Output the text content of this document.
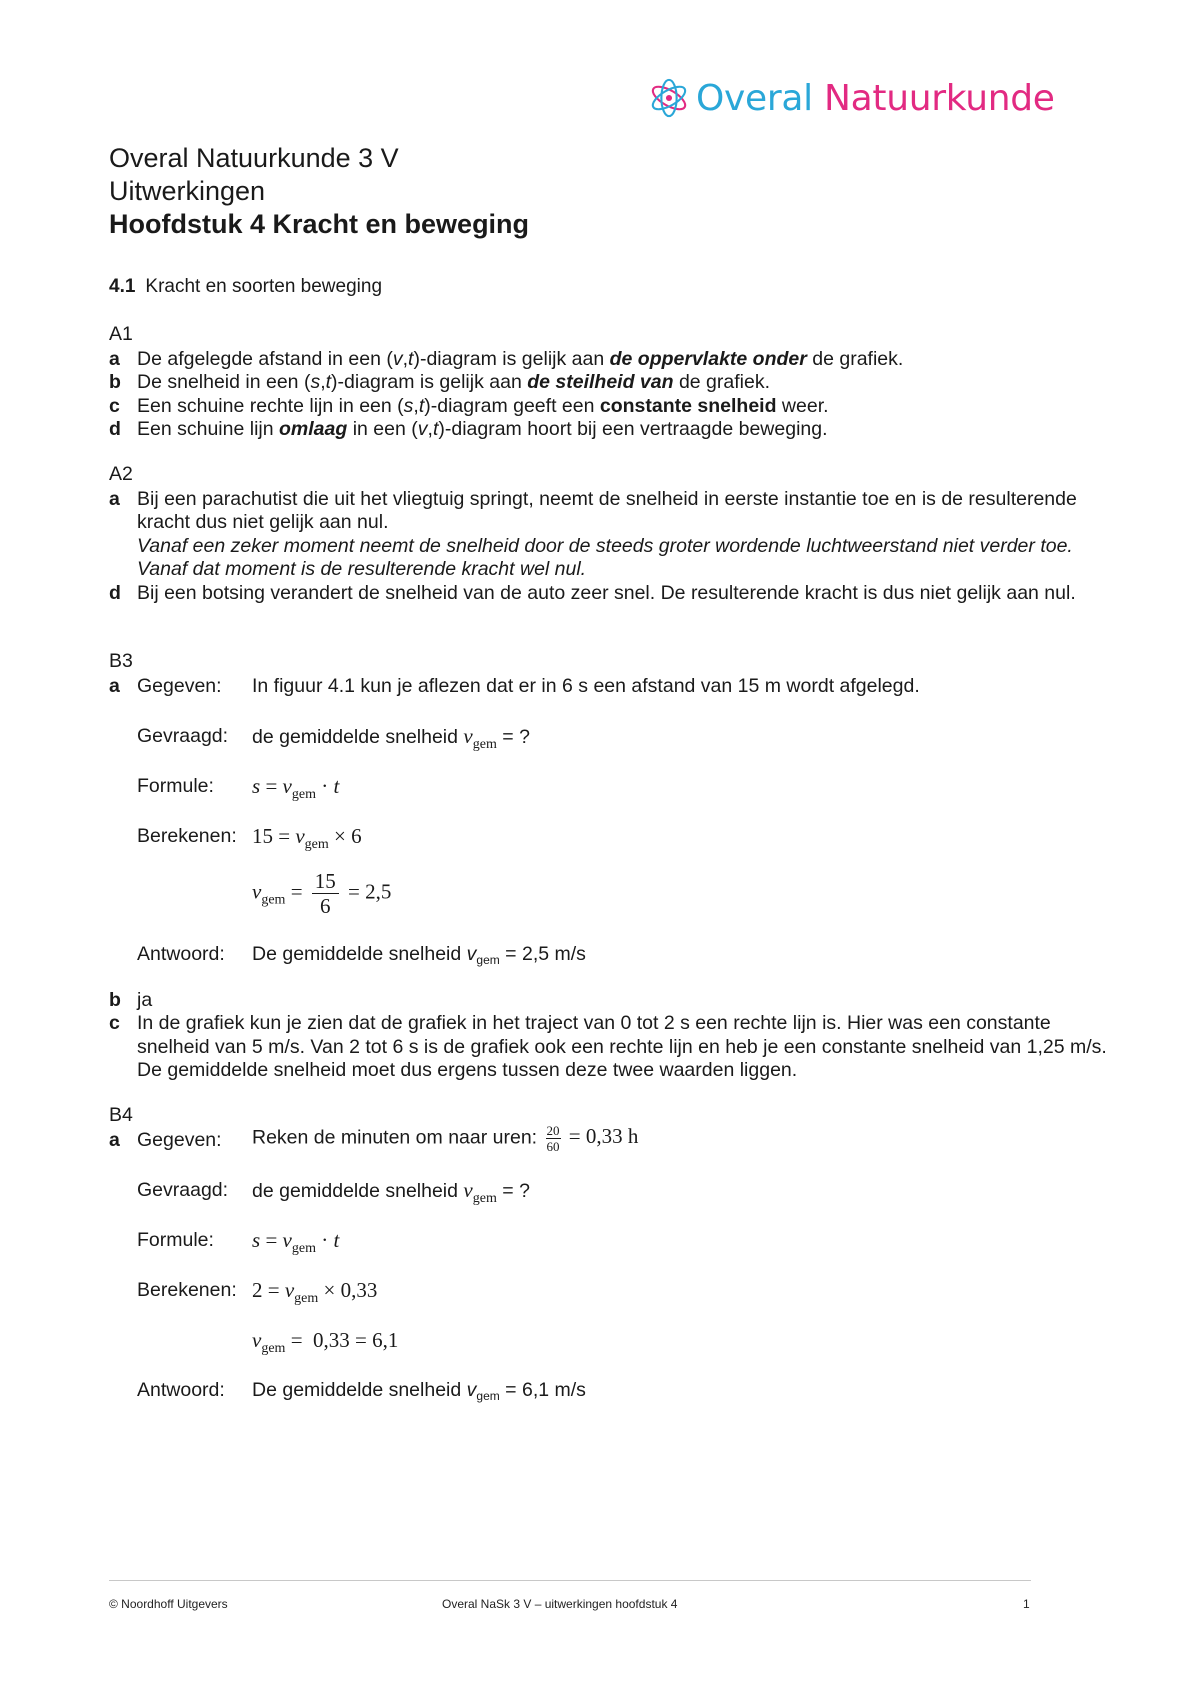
Overal Natuurkunde
Overal Natuurkunde 3 V
Uitwerkingen
Hoofdstuk 4 Kracht en beweging
4.1 Kracht en soorten beweging
A1
a De afgelegde afstand in een (v,t)-diagram is gelijk aan de oppervlakte onder de grafiek.
b De snelheid in een (s,t)-diagram is gelijk aan de steilheid van de grafiek.
c Een schuine rechte lijn in een (s,t)-diagram geeft een constante snelheid weer.
d Een schuine lijn omlaag in een (v,t)-diagram hoort bij een vertraagde beweging.
A2
a Bij een parachutist die uit het vliegtuig springt, neemt de snelheid in eerste instantie toe en is de resulterende kracht dus niet gelijk aan nul.
Vanaf een zeker moment neemt de snelheid door de steeds groter wordende luchtweerstand niet verder toe. Vanaf dat moment is de resulterende kracht wel nul.
d Bij een botsing verandert de snelheid van de auto zeer snel. De resulterende kracht is dus niet gelijk aan nul.
B3
a Gegeven: In figuur 4.1 kun je aflezen dat er in 6 s een afstand van 15 m wordt afgelegd.
Gevraagd: de gemiddelde snelheid $v_{gem}$ = ?
Formule: $s = v_{gem} \cdot t$
Berekenen: $15 = v_{gem} \times 6$
$v_{gem} = \frac{15}{6} = 2,5$
Antwoord: De gemiddelde snelheid $v_{gem} = 2,5$ m/s
b ja
c In de grafiek kun je zien dat de grafiek in het traject van 0 tot 2 s een rechte lijn is. Hier was een constante snelheid van 5 m/s. Van 2 tot 6 s is de grafiek ook een rechte lijn en heb je een constante snelheid van 1,25 m/s. De gemiddelde snelheid moet dus ergens tussen deze twee waarden liggen.
B4
a Gegeven: Reken de minuten om naar uren: $\frac{20}{60} = 0,33$ h
Gevraagd: de gemiddelde snelheid $v_{gem}$ = ?
Formule: $s = v_{gem} \cdot t$
Berekenen: $2 = v_{gem} \times 0,33$
$v_{gem} = 0,33 = 6,1$
Antwoord: De gemiddelde snelheid $v_{gem} = 6,1$ m/s
© Noordhoff Uitgevers	Overal NaSk 3 V – uitwerkingen hoofdstuk 4	1
